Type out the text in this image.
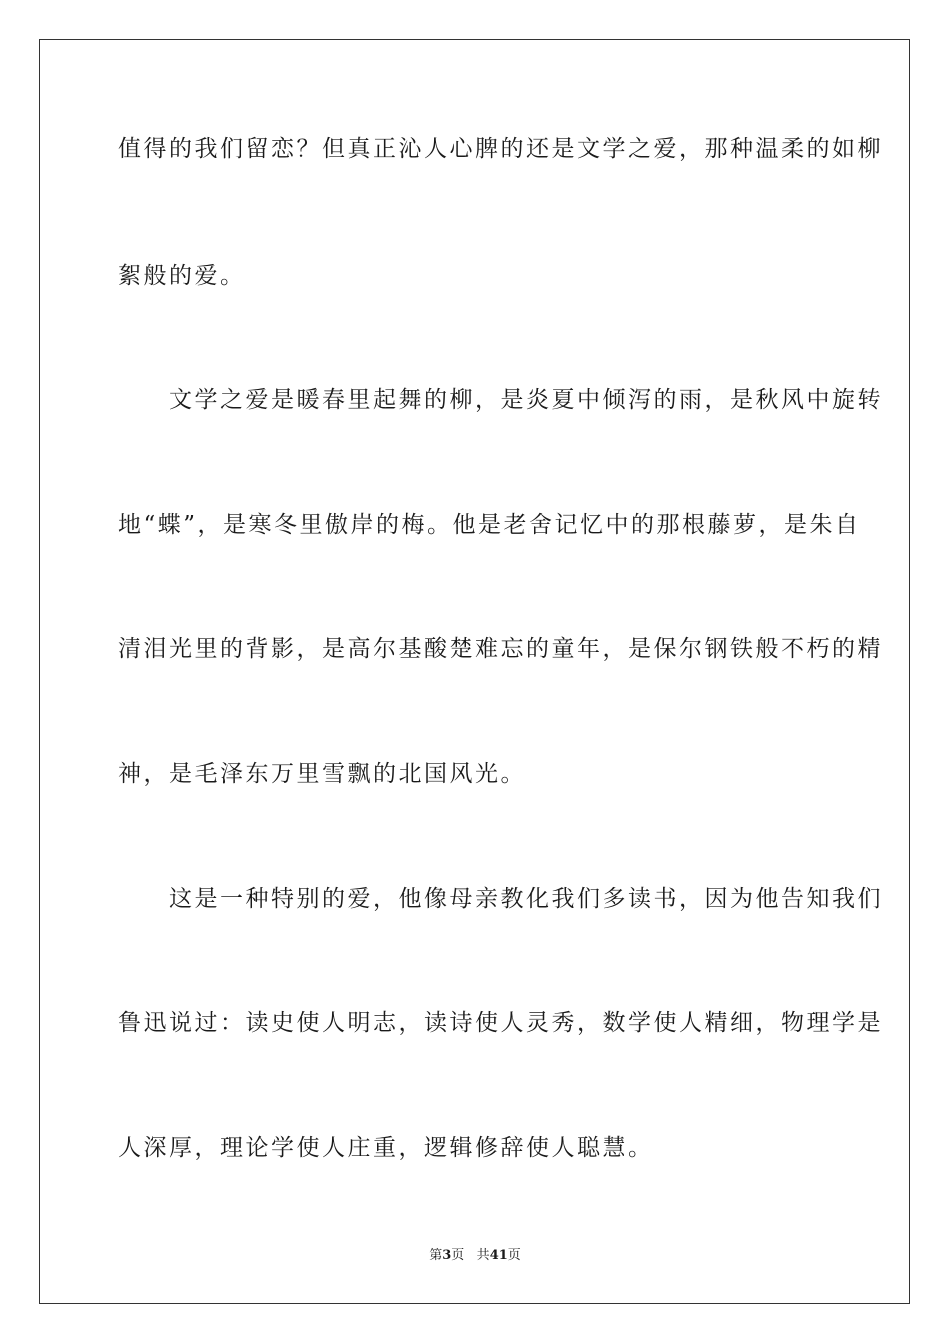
值得的我们留恋？但真正沁人心脾的还是文学之爱，那种温柔的如柳
絮般的爱。
　　文学之爱是暖春里起舞的柳，是炎夏中倾泻的雨，是秋风中旋转
地“蝶”，是寒冬里傲岸的梅。他是老舍记忆中的那根藤萝，是朱自
清泪光里的背影，是高尔基酸楚难忘的童年，是保尔钢铁般不朽的精
神，是毛泽东万里雪飘的北国风光。
　　这是一种特别的爱，他像母亲教化我们多读书，因为他告知我们
鲁迅说过：读史使人明志，读诗使人灵秀，数学使人精细，物理学是
人深厚，理论学使人庄重，逻辑修辞使人聪慧。
第3页 共41页
